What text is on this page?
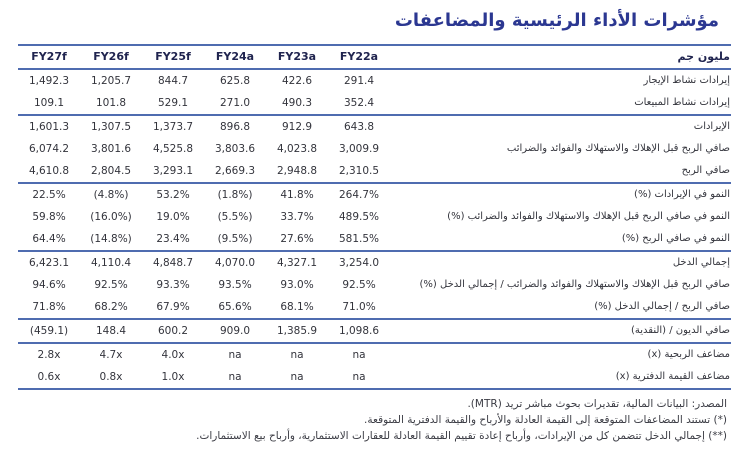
مؤشرات الأداء الرئيسية والمضاعفات
مليون جم	FY22a	FY23a	FY24a	FY25f	FY26f	FY27f
إيرادات نشاط الإيجار	291.4	422.6	625.8	844.7	1,205.7	1,492.3
إيرادات نشاط المبيعات	352.4	490.3	271.0	529.1	101.8	109.1
الإيرادات	643.8	912.9	896.8	1,373.7	1,307.5	1,601.3
صافي الربح قبل الإهلاك والاستهلاك والفوائد والضرائب	3,009.9	4,023.8	3,803.6	4,525.8	3,801.6	6,074.2
صافي الربح	2,310.5	2,948.8	2,669.3	3,293.1	2,804.5	4,610.8
النمو في الإيرادات (%)	264.7%	41.8%	(1.8%)	53.2%	(4.8%)	22.5%
النمو في صافي الربح قبل الإهلاك والاستهلاك والفوائد والضرائب (%)	489.5%	33.7%	(5.5%)	19.0%	(16.0%)	59.8%
النمو في صافي الربح (%)	581.5%	27.6%	(9.5%)	23.4%	(14.8%)	64.4%
إجمالي الدخل	3,254.0	4,327.1	4,070.0	4,848.7	4,110.4	6,423.1
صافي الربح قبل الإهلاك والاستهلاك والفوائد والضرائب / إجمالي الدخل (%)	92.5%	93.0%	93.5%	93.3%	92.5%	94.6%
صافي الربح / إجمالي الدخل (%)	71.0%	68.1%	65.6%	67.9%	68.2%	71.8%
صافي الديون / (النقدية)	1,098.6	1,385.9	909.0	600.2	148.4	(459.1)
مضاعف الربحية (x)	na	na	na	4.0x	4.7x	2.8x
مضاعف القيمة الدفترية (x)	na	na	na	1.0x	0.8x	0.6x

المصدر: البيانات المالية، تقديرات بحوث مباشر تريد (MTR).

(*) تستند المضاعفات المتوقعة إلى القيمة العادلة والأرباح والقيمة الدفترية المتوقعة.

(**) إجمالي الدخل تتضمن كل من الإيرادات، وأرباح إعادة تقييم القيمة العادلة للعقارات الاستثمارية، وأرباح بيع الاستثمارات.
